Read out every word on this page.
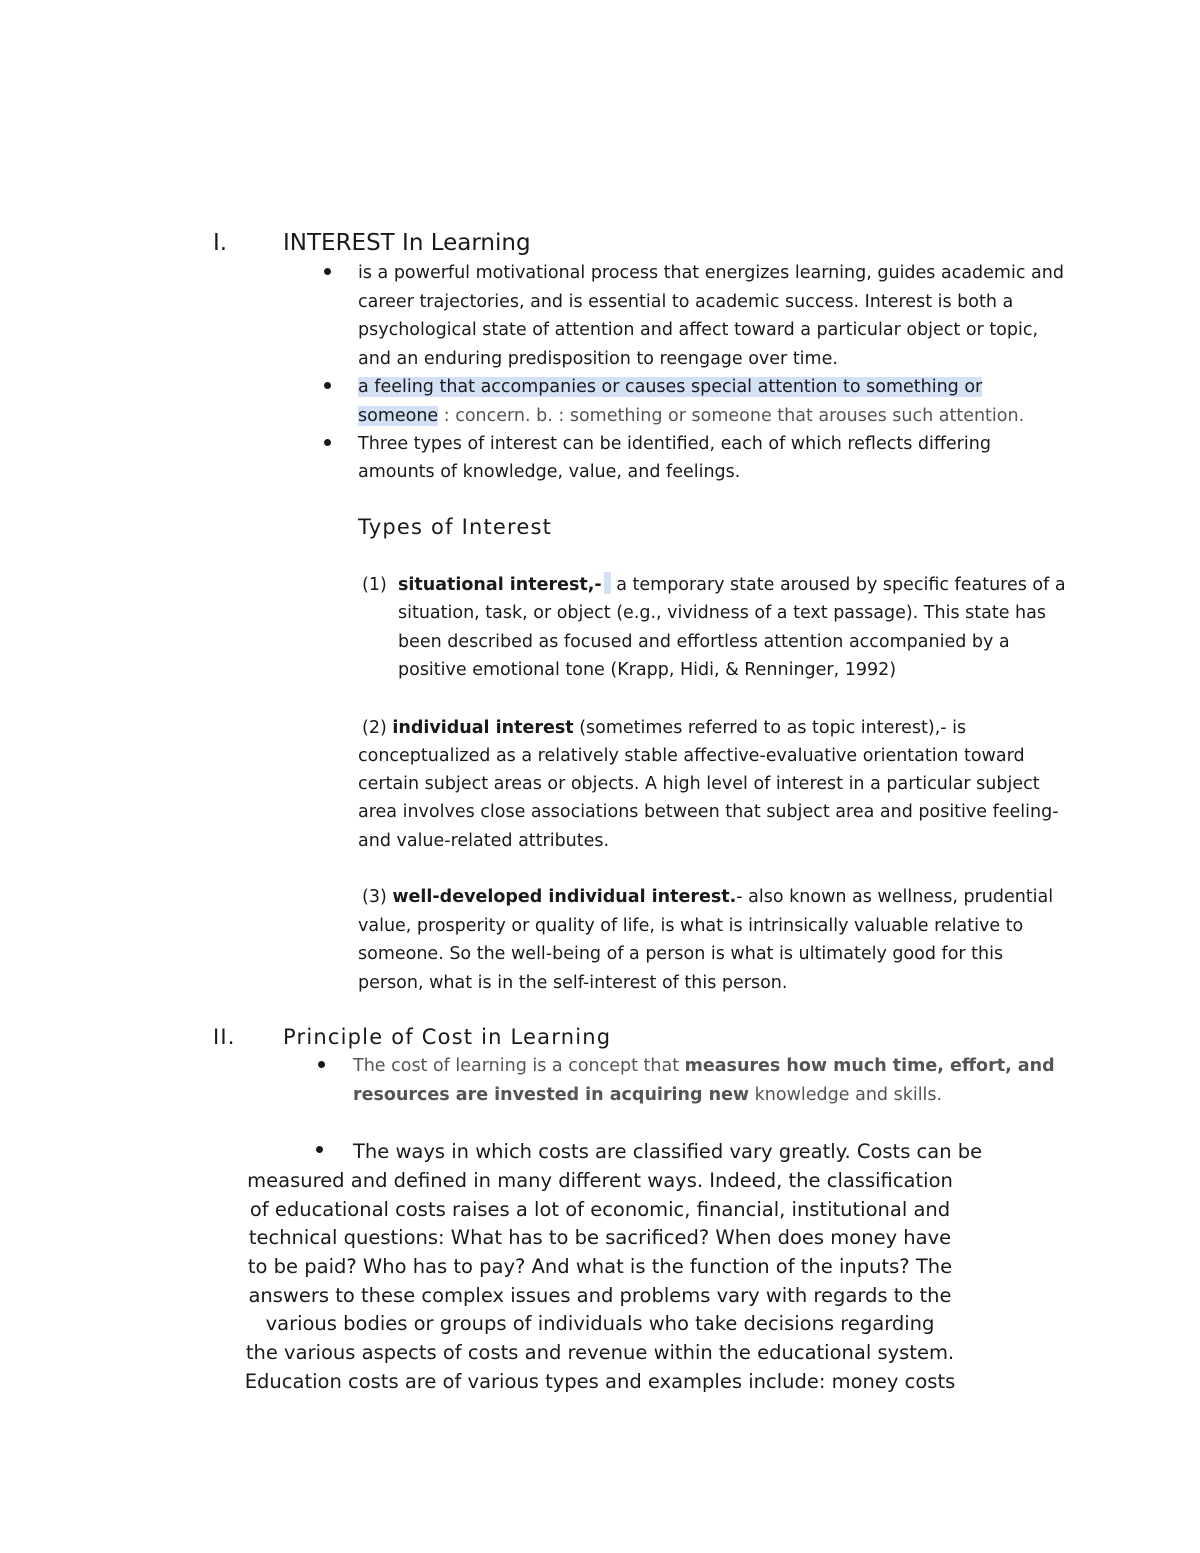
I. INTEREST In Learning
is a powerful motivational process that energizes learning, guides academic and
career trajectories, and is essential to academic success. Interest is both a
psychological state of attention and affect toward a particular object or topic,
and an enduring predisposition to reengage over time.
a feeling that accompanies or causes special attention to something or
someone : concern. b. : something or someone that arouses such attention.
Three types of interest can be identified, each of which reflects differing
amounts of knowledge, value, and feelings.
Types of Interest
(1) situational interest,- a temporary state aroused by specific features of a
situation, task, or object (e.g., vividness of a text passage). This state has
been described as focused and effortless attention accompanied by a
positive emotional tone (Krapp, Hidi, & Renninger, 1992)
(2) individual interest (sometimes referred to as topic interest),- is
conceptualized as a relatively stable affective-evaluative orientation toward
certain subject areas or objects. A high level of interest in a particular subject
area involves close associations between that subject area and positive feeling-
and value-related attributes.
(3) well-developed individual interest.- also known as wellness, prudential
value, prosperity or quality of life, is what is intrinsically valuable relative to
someone. So the well-being of a person is what is ultimately good for this
person, what is in the self-interest of this person.
II. Principle of Cost in Learning
The cost of learning is a concept that measures how much time, effort, and
resources are invested in acquiring new knowledge and skills.
The ways in which costs are classified vary greatly. Costs can be
measured and defined in many different ways. Indeed, the classification
of educational costs raises a lot of economic, financial, institutional and
technical questions: What has to be sacrificed? When does money have
to be paid? Who has to pay? And what is the function of the inputs? The
answers to these complex issues and problems vary with regards to the
various bodies or groups of individuals who take decisions regarding
the various aspects of costs and revenue within the educational system.
Education costs are of various types and examples include: money costs
